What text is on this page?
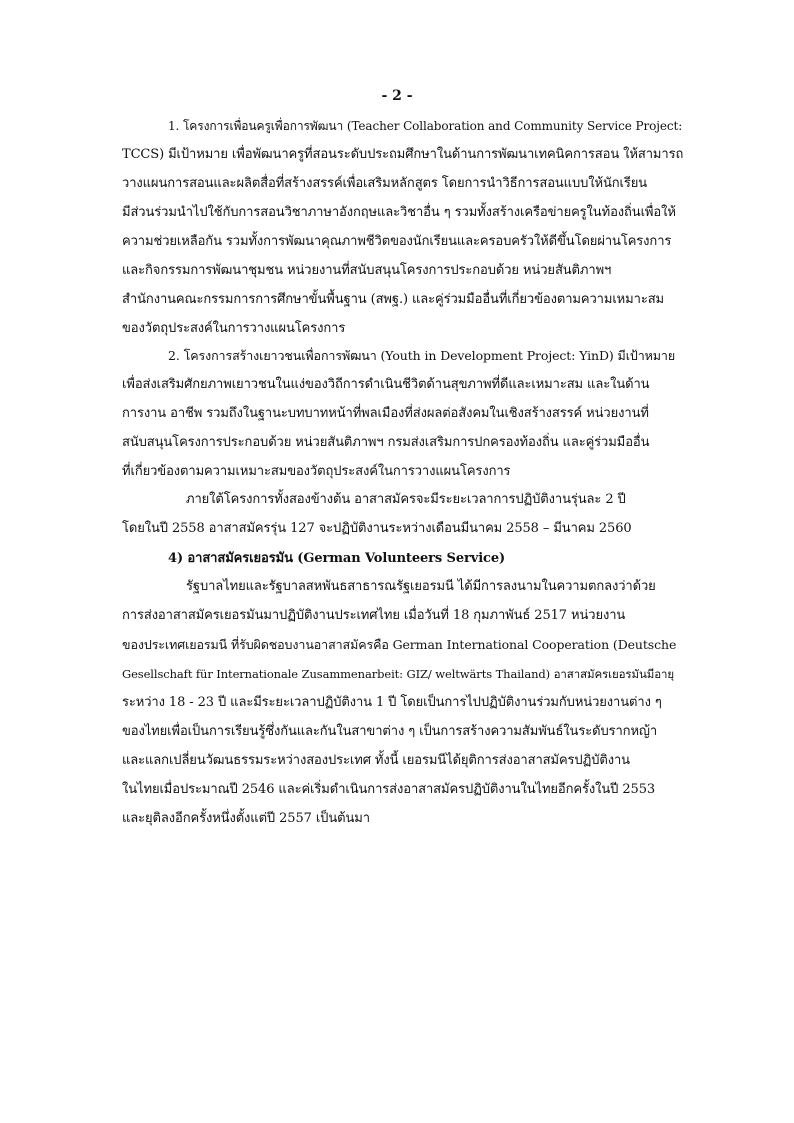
- 2 -
1. โครงการเพื่อนครูเพื่อการพัฒนา (Teacher Collaboration and Community Service Project:
TCCS) มีเป้าหมาย เพื่อพัฒนาครูที่สอนระดับประถมศึกษาในด้านการพัฒนาเทคนิคการสอน ให้สามารถ
วางแผนการสอนและผลิตสื่อที่สร้างสรรค์เพื่อเสริมหลักสูตร โดยการนำวิธีการสอนแบบให้นักเรียน
มีส่วนร่วมนำไปใช้กับการสอนวิชาภาษาอังกฤษและวิชาอื่น ๆ รวมทั้งสร้างเครือข่ายครูในท้องถิ่นเพื่อให้
ความช่วยเหลือกัน รวมทั้งการพัฒนาคุณภาพชีวิตของนักเรียนและครอบครัวให้ดีขึ้นโดยผ่านโครงการ
และกิจกรรมการพัฒนาชุมชน หน่วยงานที่สนับสนุนโครงการประกอบด้วย หน่วยสันติภาพฯ
สำนักงานคณะกรรมการการศึกษาขั้นพื้นฐาน (สพฐ.) และคู่ร่วมมืออื่นที่เกี่ยวข้องตามความเหมาะสม
ของวัตถุประสงค์ในการวางแผนโครงการ
2. โครงการสร้างเยาวชนเพื่อการพัฒนา (Youth in Development Project: YinD) มีเป้าหมาย
เพื่อส่งเสริมศักยภาพเยาวชนในแง่ของวิถีการดำเนินชีวิตด้านสุขภาพที่ดีและเหมาะสม และในด้าน
การงาน อาชีพ รวมถึงในฐานะบทบาทหน้าที่พลเมืองที่ส่งผลต่อสังคมในเชิงสร้างสรรค์ หน่วยงานที่
สนับสนุนโครงการประกอบด้วย หน่วยสันติภาพฯ กรมส่งเสริมการปกครองท้องถิ่น และคู่ร่วมมืออื่น
ที่เกี่ยวข้องตามความเหมาะสมของวัตถุประสงค์ในการวางแผนโครงการ
ภายใต้โครงการทั้งสองข้างต้น อาสาสมัครจะมีระยะเวลาการปฏิบัติงานรุ่นละ 2 ปี
โดยในปี 2558 อาสาสมัครรุ่น 127 จะปฏิบัติงานระหว่างเดือนมีนาคม 2558 – มีนาคม 2560
4) อาสาสมัครเยอรมัน (German Volunteers Service)
รัฐบาลไทยและรัฐบาลสหพันธสาธารณรัฐเยอรมนี ได้มีการลงนามในความตกลงว่าด้วย
การส่งอาสาสมัครเยอรมันมาปฏิบัติงานประเทศไทย เมื่อวันที่ 18 กุมภาพันธ์ 2517 หน่วยงาน
ของประเทศเยอรมนี ที่รับผิดชอบงานอาสาสมัครคือ German International Cooperation (Deutsche
Gesellschaft für Internationale Zusammenarbeit: GIZ/ weltwärts Thailand) อาสาสมัครเยอรมันมีอายุ
ระหว่าง 18 - 23 ปี และมีระยะเวลาปฏิบัติงาน 1 ปี โดยเป็นการไปปฏิบัติงานร่วมกับหน่วยงานต่าง ๆ
ของไทยเพื่อเป็นการเรียนรู้ซึ่งกันและกันในสาขาต่าง ๆ เป็นการสร้างความสัมพันธ์ในระดับรากหญ้า
และแลกเปลี่ยนวัฒนธรรมระหว่างสองประเทศ ทั้งนี้ เยอรมนีได้ยุติการส่งอาสาสมัครปฏิบัติงาน
ในไทยเมื่อประมาณปี 2546 และค่เริ่มดำเนินการส่งอาสาสมัครปฏิบัติงานในไทยอีกครั้งในปี 2553
และยุติลงอีกครั้งหนึ่งตั้งแต่ปี 2557 เป็นต้นมา
